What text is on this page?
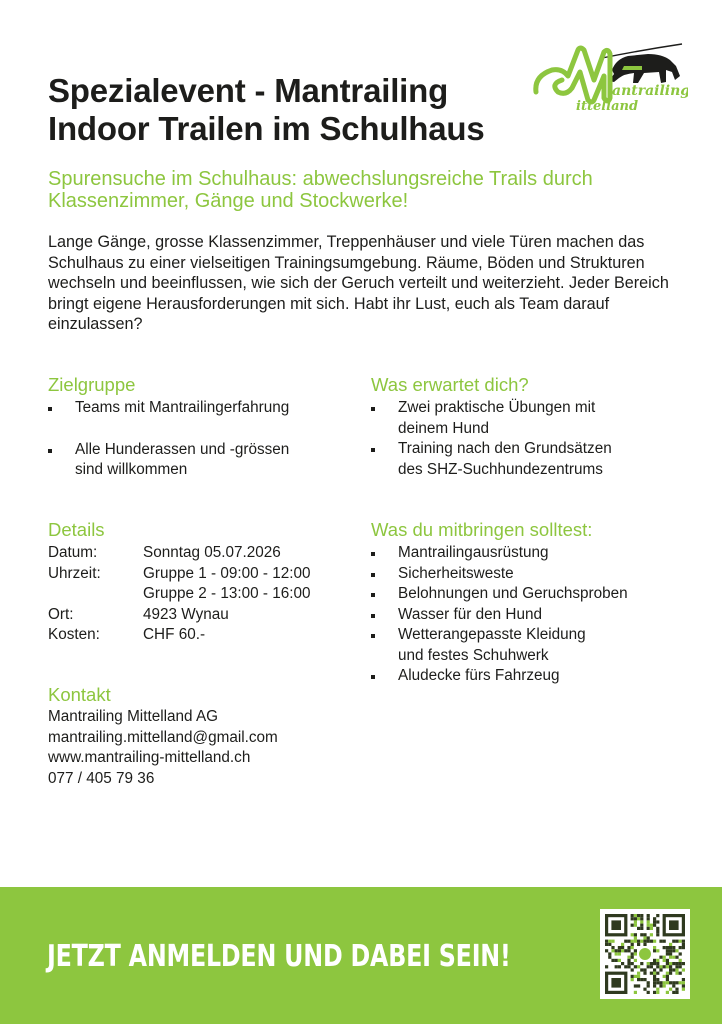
antrailing
ittelland
Spezialevent - Mantrailing
Indoor Trailen im Schulhaus

Spurensuche im Schulhaus: abwechslungsreiche Trails durch
Klassenzimmer, Gänge und Stockwerke!

Lange Gänge, grosse Klassenzimmer, Treppenhäuser und viele Türen machen das Schulhaus zu einer vielseitigen Trainingsumgebung. Räume, Böden und Strukturen wechseln und beeinflussen, wie sich der Geruch verteilt und weiterzieht. Jeder Bereich bringt eigene Herausforderungen mit sich. Habt ihr Lust, euch als Team darauf einzulassen?

Zielgruppe
Teams mit Mantrailingerfahrung
Alle Hunderassen und -grössen
sind willkommen
Was erwartet dich?
Zwei praktische Übungen mit
deinem Hund
Training nach den Grundsätzen
des SHZ-Suchhundezentrums
Details
Datum:	Sonntag 05.07.2026
Uhrzeit:	Gruppe 1 - 09:00 - 12:00
Gruppe 2 - 13:00 - 16:00
Ort:	4923 Wynau
Kosten:	CHF 60.-
Was du mitbringen solltest:
Mantrailingausrüstung
Sicherheitsweste
Belohnungen und Geruchsproben
Wasser für den Hund
Wetterangepasste Kleidung
und festes Schuhwerk
Aludecke fürs Fahrzeug
Kontakt
Mantrailing Mittelland AG
mantrailing.mittelland@gmail.com
www.mantrailing-mittelland.ch
077 / 405 79 36

JETZT ANMELDEN UND DABEI SEIN!
